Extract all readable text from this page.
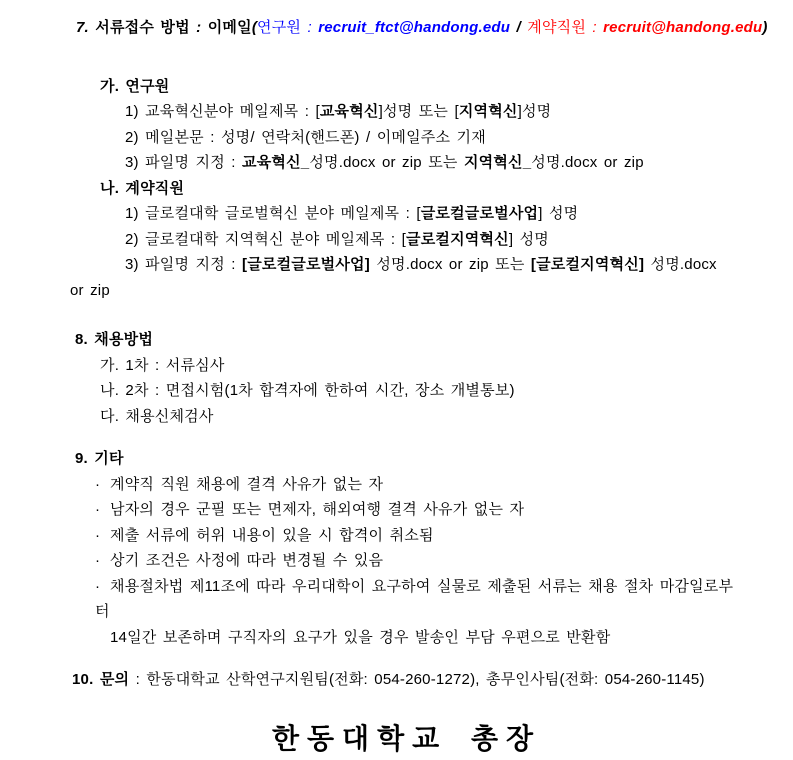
7. 서류접수 방법 : 이메일(연구원 : recruit_ftct@handong.edu / 계약직원 : recruit@handong.edu)
가. 연구원
1) 교육혁신분야 메일제목 : [교육혁신]성명 또는 [지역혁신]성명
2) 메일본문 : 성명/ 연락처(핸드폰) / 이메일주소 기재
3) 파일명 지정 : 교육혁신_성명.docx or zip 또는 지역혁신_성명.docx or zip
나. 계약직원
1) 글로컬대학 글로벌혁신 분야 메일제목 : [글로컬글로벌사업] 성명
2) 글로컬대학 지역혁신 분야 메일제목 : [글로컬지역혁신] 성명
3) 파일명 지정 : [글로컬글로벌사업] 성명.docx or zip 또는 [글로컬지역혁신] 성명.docx
or zip
8. 채용방법
가. 1차 : 서류심사
나. 2차 : 면접시험(1차 합격자에 한하여 시간, 장소 개별통보)
다. 채용신체검사
9. 기타
· 계약직 직원 채용에 결격 사유가 없는 자
· 남자의 경우 군필 또는 면제자, 해외여행 결격 사유가 없는 자
· 제출 서류에 허위 내용이 있을 시 합격이 취소됨
· 상기 조건은 사정에 따라 변경될 수 있음
· 채용절차법 제11조에 따라 우리대학이 요구하여 실물로 제출된 서류는 채용 절차 마감일로부터
14일간 보존하며 구직자의 요구가 있을 경우 발송인 부담 우편으로 반환함
10. 문의 : 한동대학교 산학연구지원팀(전화: 054-260-1272), 총무인사팀(전화: 054-260-1145)
한동대학교 총장
